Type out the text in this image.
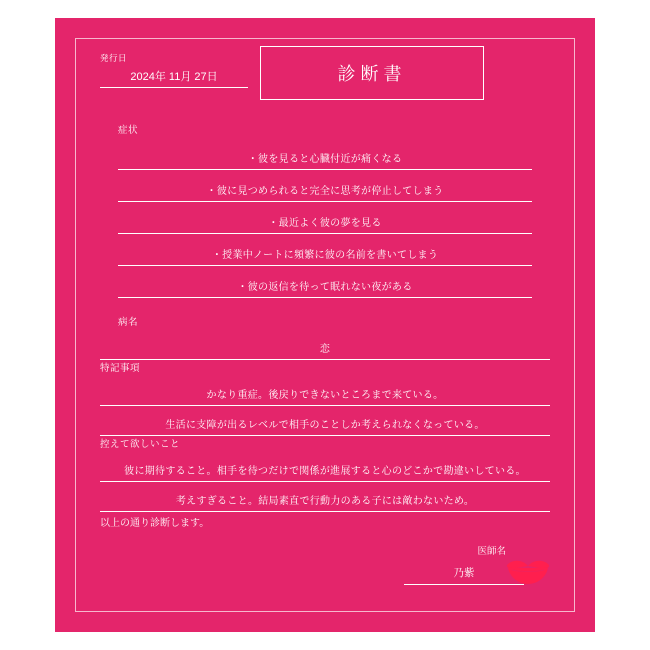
発行日
2024年 11月 27日	診断書
症状
・彼を見ると心臓付近が痛くなる
・彼に見つめられると完全に思考が停止してしまう
・最近よく彼の夢を見る
・授業中ノートに頻繁に彼の名前を書いてしまう
・彼の返信を待って眠れない夜がある
病名
恋
特記事項
かなり重症。後戻りできないところまで来ている。
生活に支障が出るレベルで相手のことしか考えられなくなっている。
控えて欲しいこと
彼に期待すること。相手を待つだけで関係が進展すると心のどこかで勘違いしている。
考えすぎること。結局素直で行動力のある子には敵わないため。
以上の通り診断します。
医師名
乃紫
